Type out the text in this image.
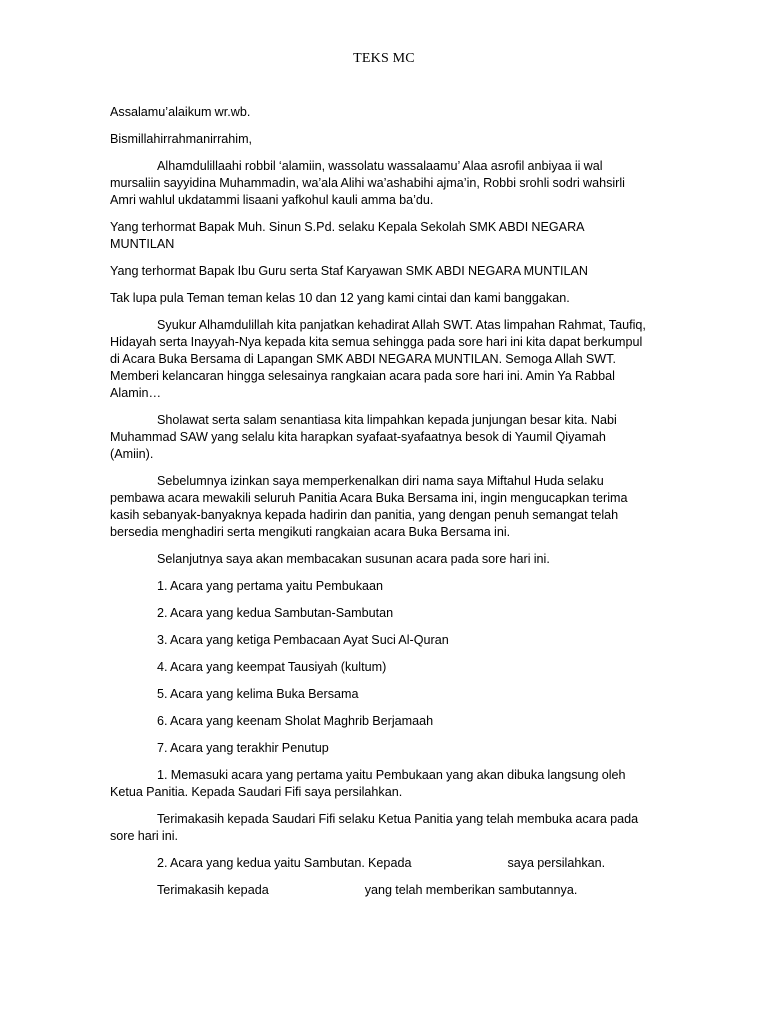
TEKS MC

Assalamu’alaikum wr.wb.

Bismillahirrahmanirrahim,

Alhamdulillaahi robbil ‘alamiin, wassolatu wassalaamu’ Alaa asrofil anbiyaa ii wal mursaliin sayyidina Muhammadin, wa’ala Alihi wa’ashabihi ajma’in, Robbi srohli sodri wahsirli Amri wahlul ukdatammi lisaani yafkohul kauli amma ba’du.

Yang terhormat Bapak Muh. Sinun S.Pd. selaku Kepala Sekolah SMK ABDI NEGARA MUNTILAN

Yang terhormat Bapak Ibu Guru serta Staf Karyawan SMK ABDI NEGARA MUNTILAN

Tak lupa pula Teman teman kelas 10 dan 12 yang kami cintai dan kami banggakan.

Syukur Alhamdulillah kita panjatkan kehadirat Allah SWT. Atas limpahan Rahmat, Taufiq, Hidayah serta Inayyah-Nya kepada kita semua sehingga pada sore hari ini kita dapat berkumpul di Acara Buka Bersama di Lapangan SMK ABDI NEGARA MUNTILAN. Semoga Allah SWT. Memberi kelancaran hingga selesainya rangkaian acara pada sore hari ini. Amin Ya Rabbal Alamin…

Sholawat serta salam senantiasa kita limpahkan kepada junjungan besar kita. Nabi Muhammad SAW yang selalu kita harapkan syafaat-syafaatnya besok di Yaumil Qiyamah (Amiin).

Sebelumnya izinkan saya memperkenalkan diri nama saya Miftahul Huda selaku pembawa acara mewakili seluruh Panitia Acara Buka Bersama ini, ingin mengucapkan terima kasih sebanyak-banyaknya kepada hadirin dan panitia, yang dengan penuh semangat telah bersedia menghadiri serta mengikuti rangkaian acara Buka Bersama ini.

Selanjutnya saya akan membacakan susunan acara pada sore hari ini.

1. Acara yang pertama yaitu Pembukaan

2. Acara yang kedua Sambutan-Sambutan

3. Acara yang ketiga Pembacaan Ayat Suci Al-Quran

4. Acara yang keempat Tausiyah (kultum)

5. Acara yang kelima Buka Bersama

6. Acara yang keenam Sholat Maghrib Berjamaah

7. Acara yang terakhir Penutup

1. Memasuki acara yang pertama yaitu Pembukaan yang akan dibuka langsung oleh Ketua Panitia. Kepada Saudari Fifi saya persilahkan.

Terimakasih kepada Saudari Fifi selaku Ketua Panitia yang telah membuka acara pada sore hari ini.

2. Acara yang kedua yaitu Sambutan. Kepada	saya persilahkan.

Terimakasih kepada	yang telah memberikan sambutannya.
